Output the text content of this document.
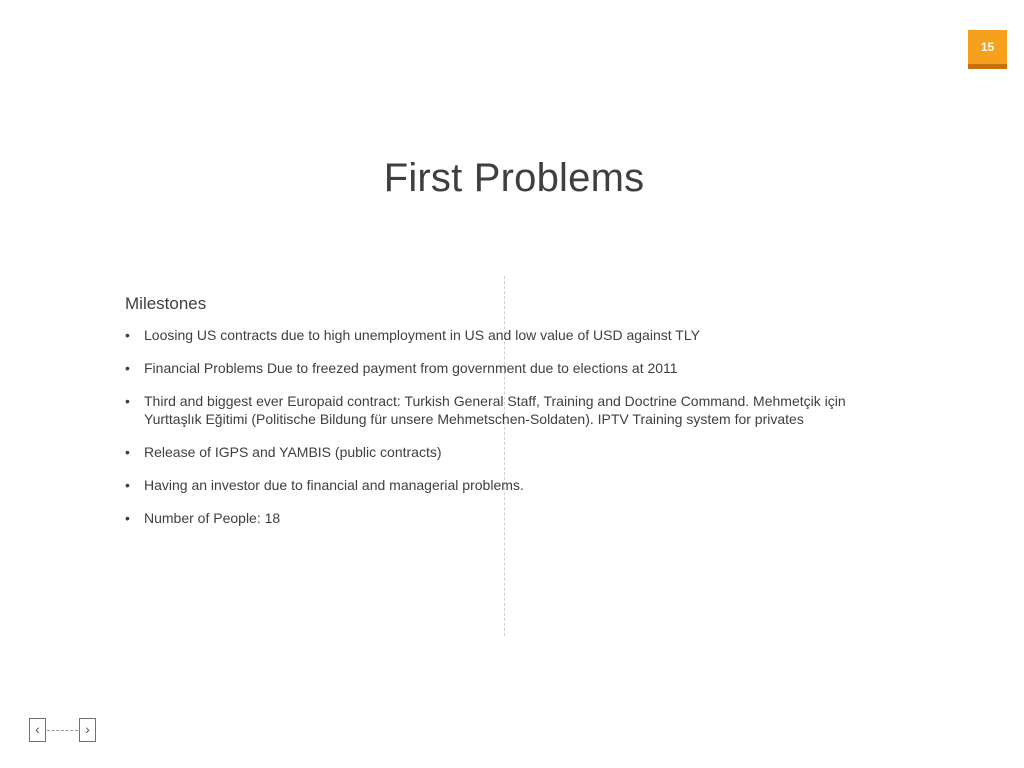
15
First Problems
Milestones
• Loosing US contracts due to high unemployment in US and low value of USD against TLY
• Financial Problems Due to freezed payment from government due to elections at 2011
• Third and biggest ever Europaid contract: Turkish General Staff, Training and Doctrine Command. Mehmetçik için Yurttaşlık Eğitimi (Politische Bildung für unsere Mehmetschen-Soldaten). IPTV Training system for privates
• Release of IGPS and YAMBIS (public contracts)
• Having an investor due to financial and managerial problems.
• Number of People: 18
‹	›
